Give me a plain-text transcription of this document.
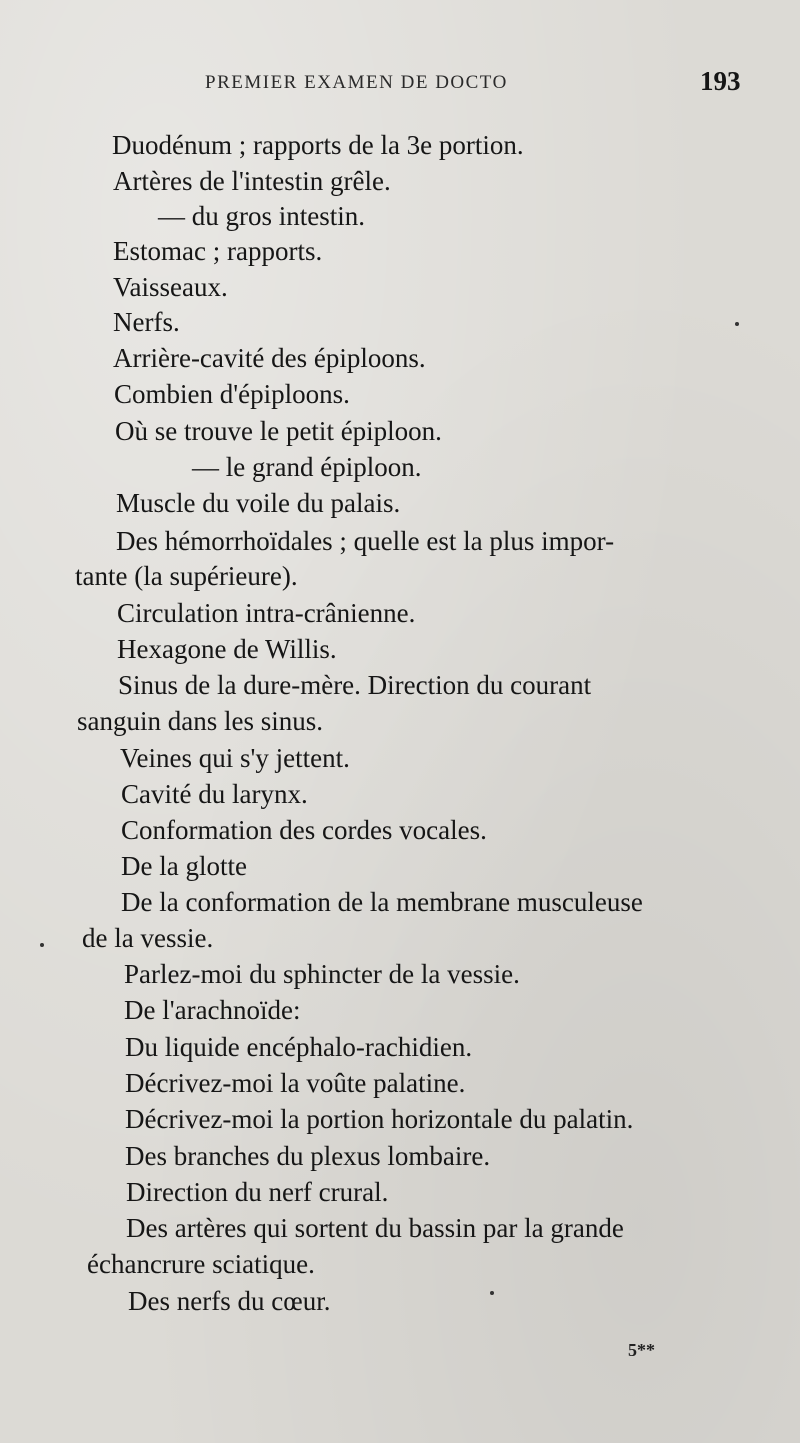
PREMIER EXAMEN DE DOCTO	193
Duodénum ; rapports de la 3e portion.
Artères de l'intestin grêle.
— du gros intestin.
Estomac ; rapports.
Vaisseaux.
Nerfs.
Arrière-cavité des épiploons.
Combien d'épiploons.
Où se trouve le petit épiploon.
— le grand épiploon.
Muscle du voile du palais.
Des hémorrhoïdales ; quelle est la plus impor-
tante (la supérieure).
Circulation intra-crânienne.
Hexagone de Willis.
Sinus de la dure-mère. Direction du courant
sanguin dans les sinus.
Veines qui s'y jettent.
Cavité du larynx.
Conformation des cordes vocales.
De la glotte
De la conformation de la membrane musculeuse
de la vessie.
Parlez-moi du sphincter de la vessie.
De l'arachnoïde:
Du liquide encéphalo-rachidien.
Décrivez-moi la voûte palatine.
Décrivez-moi la portion horizontale du palatin.
Des branches du plexus lombaire.
Direction du nerf crural.
Des artères qui sortent du bassin par la grande
échancrure sciatique.
Des nerfs du cœur.
5**
